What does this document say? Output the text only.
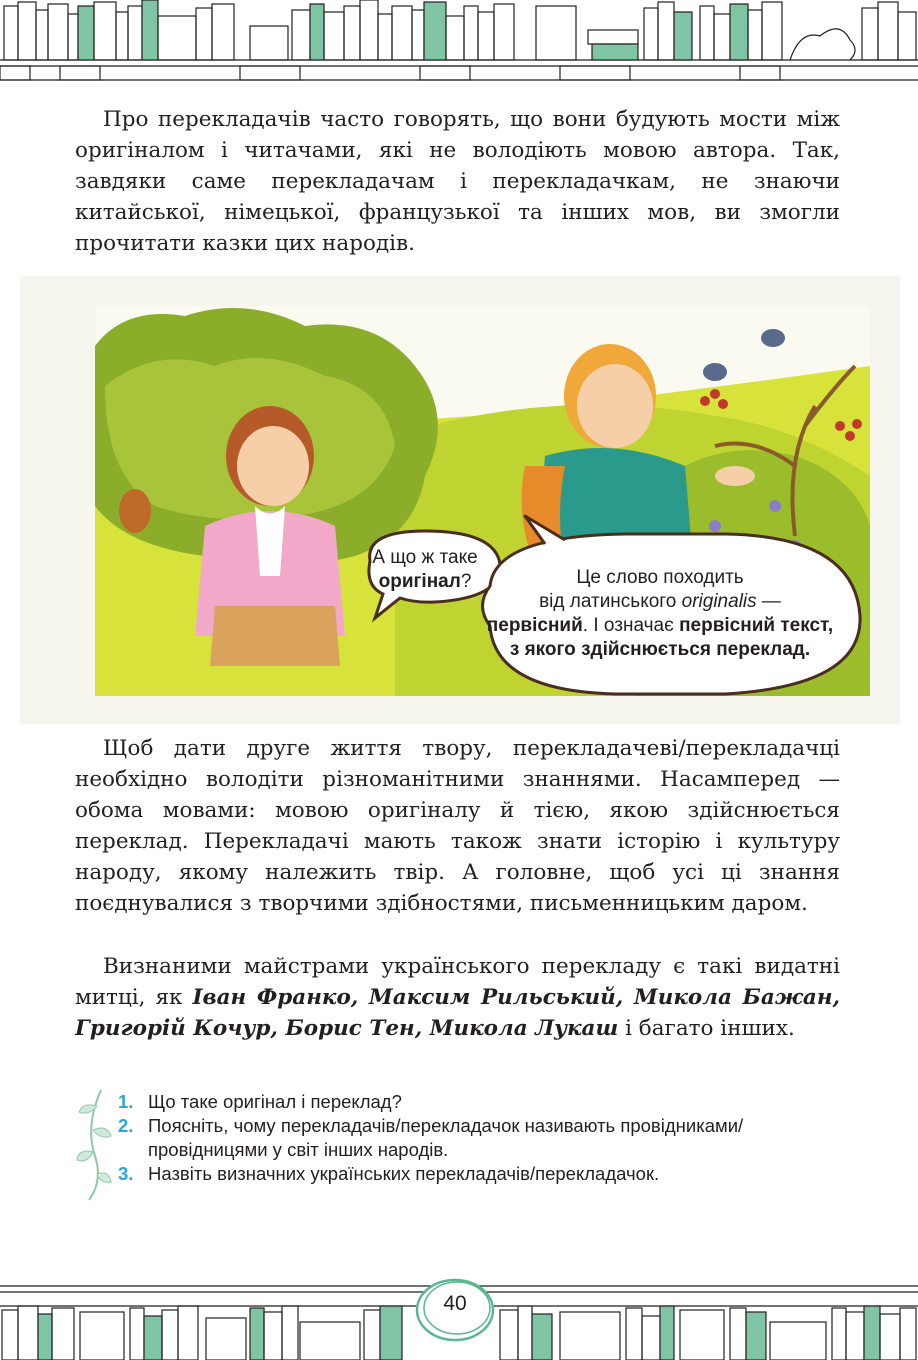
Про перекладачів часто говорять, що вони будують мости між оригіналом і читачами, які не володіють мовою автора. Так, завдяки саме перекладачам і перекладачкам, не знаючи китайської, німецької, французької та інших мов, ви змогли прочитати казки цих народів.

А що ж таке
оригінал?	Це слово походить
від латинського originalis —
первісний. І означає первісний текст, з якого здійснюється переклад.

Щоб дати друге життя твору, перекладачеві/перекладачці необхідно володіти різноманітними знаннями. Насамперед — обома мовами: мовою оригіналу й тією, якою здійснюється переклад. Перекладачі мають також знати історію і культуру народу, якому належить твір. А головне, щоб усі ці знання поєднувалися з творчими здібностями, письменницьким даром.

Визнаними майстрами українського перекладу є такі видатні митці, як Іван Франко, Максим Рильський, Микола Бажан, Григорій Кочур, Борис Тен, Микола Лукаш і багато інших.

1. Що таке оригінал і переклад?
2. Поясніть, чому перекладачів/перекладачок називають провідниками/провідницями у світ інших народів.
3. Назвіть визначних українських перекладачів/перекладачок.
40
